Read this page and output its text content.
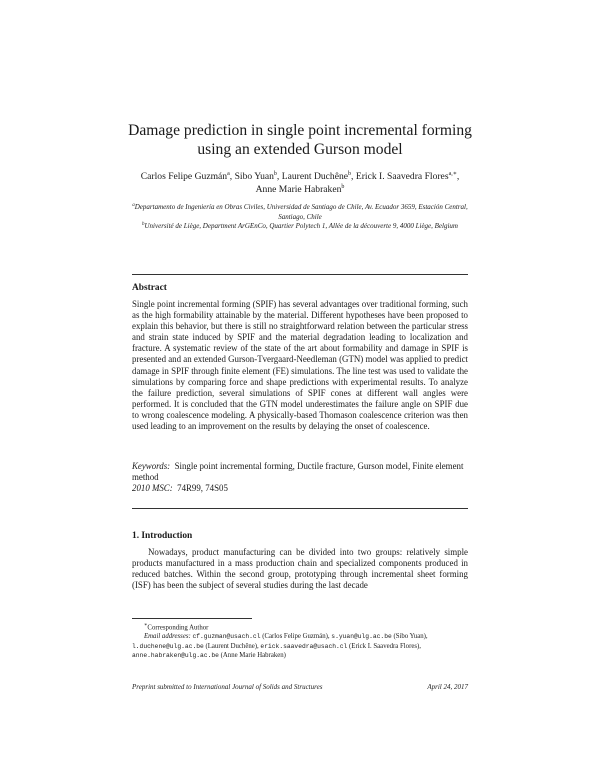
Damage prediction in single point incremental forming
using an extended Gurson model
Carlos Felipe Guzmán$^a$, Sibo Yuan$^b$, Laurent Duchêne$^b$, Erick I. Saavedra Flores$^{a,∗}$,
Anne Marie Habraken$^b$

$^a$Departamento de Ingeniería en Obras Civiles, Universidad de Santiago de Chile, Av. Ecuador 3659, Estación Central, Santiago, Chile

$^b$Université de Liège, Department ArGEnCo, Quartier Polytech 1, Allée de la découverte 9, 4000 Liège, Belgium

Abstract
Single point incremental forming (SPIF) has several advantages over traditional forming, such as the high formability attainable by the material. Different hypotheses have been proposed to explain this behavior, but there is still no straightforward relation between the particular stress and strain state induced by SPIF and the material degradation leading to localization and fracture. A systematic review of the state of the art about formability and damage in SPIF is presented and an extended Gurson-Tvergaard-Needleman (GTN) model was applied to predict damage in SPIF through finite element (FE) simulations. The line test was used to validate the simulations by comparing force and shape predictions with experimental results. To analyze the failure prediction, several simulations of SPIF cones at different wall angles were performed. It is concluded that the GTN model underestimates the failure angle on SPIF due to wrong coalescence modeling. A physically-based Thomason coalescence criterion was then used leading to an improvement on the results by delaying the onset of coalescence.
Keywords: Single point incremental forming, Ductile fracture, Gurson model, Finite element method
2010 MSC: 74R99, 74S05
1. Introduction
Nowadays, product manufacturing can be divided into two groups: relatively simple products manufactured in a mass production chain and specialized components produced in reduced batches. Within the second group, prototyping through incremental sheet forming (ISF) has been the subject of several studies during the last decade

∗Corresponding Author

Email addresses: cf.guzman@usach.cl (Carlos Felipe Guzmán), s.yuan@ulg.ac.be (Sibo Yuan), l.duchene@ulg.ac.be (Laurent Duchêne), erick.saavedra@usach.cl (Erick I. Saavedra Flores), anne.habraken@ulg.ac.be (Anne Marie Habraken)

Preprint submitted to International Journal of Solids and Structures	April 24, 2017
